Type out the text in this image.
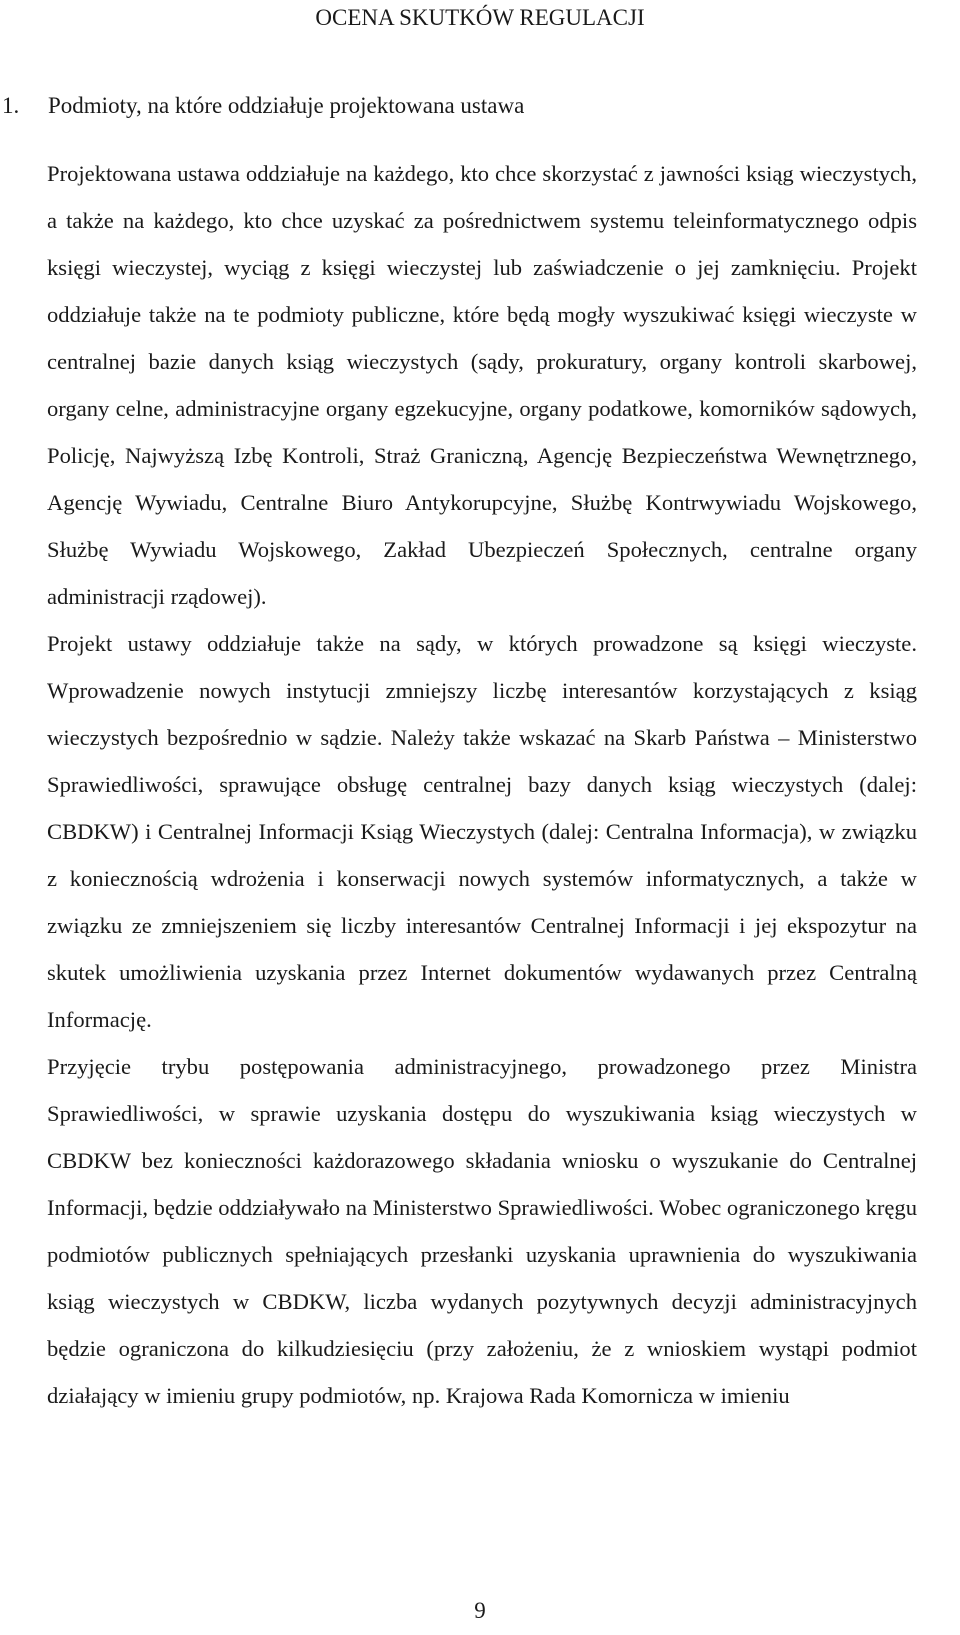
OCENA SKUTKÓW REGULACJI
1. Podmioty, na które oddziałuje projektowana ustawa

Projektowana ustawa oddziałuje na każdego, kto chce skorzystać z jawności ksiąg wieczystych, a także na każdego, kto chce uzyskać za pośrednictwem systemu teleinformatycznego odpis księgi wieczystej, wyciąg z księgi wieczystej lub zaświadczenie o jej zamknięciu. Projekt oddziałuje także na te podmioty publiczne, które będą mogły wyszukiwać księgi wieczyste w centralnej bazie danych ksiąg wieczystych (sądy, prokuratury, organy kontroli skarbowej, organy celne, administracyjne organy egzekucyjne, organy podatkowe, komorników sądowych, Policję, Najwyższą Izbę Kontroli, Straż Graniczną, Agencję Bezpieczeństwa Wewnętrznego, Agencję Wywiadu, Centralne Biuro Antykorupcyjne, Służbę Kontrwywiadu Wojskowego, Służbę Wywiadu Wojskowego, Zakład Ubezpieczeń Społecznych, centralne organy administracji rządowej).

Projekt ustawy oddziałuje także na sądy, w których prowadzone są księgi wieczyste. Wprowadzenie nowych instytucji zmniejszy liczbę interesantów korzystających z ksiąg wieczystych bezpośrednio w sądzie. Należy także wskazać na Skarb Państwa – Ministerstwo Sprawiedliwości, sprawujące obsługę centralnej bazy danych ksiąg wieczystych (dalej: CBDKW) i Centralnej Informacji Ksiąg Wieczystych (dalej: Centralna Informacja), w związku z koniecznością wdrożenia i konserwacji nowych systemów informatycznych, a także w związku ze zmniejszeniem się liczby interesantów Centralnej Informacji i jej ekspozytur na skutek umożliwienia uzyskania przez Internet dokumentów wydawanych przez Centralną Informację.

Przyjęcie trybu postępowania administracyjnego, prowadzonego przez Ministra Sprawiedliwości, w sprawie uzyskania dostępu do wyszukiwania ksiąg wieczystych w CBDKW bez konieczności każdorazowego składania wniosku o wyszukanie do Centralnej Informacji, będzie oddziaływało na Ministerstwo Sprawiedliwości. Wobec ograniczonego kręgu podmiotów publicznych spełniających przesłanki uzyskania uprawnienia do wyszukiwania ksiąg wieczystych w CBDKW, liczba wydanych pozytywnych decyzji administracyjnych będzie ograniczona do kilkudziesięciu (przy założeniu, że z wnioskiem wystąpi podmiot działający w imieniu grupy podmiotów, np. Krajowa Rada Komornicza w imieniu

9
